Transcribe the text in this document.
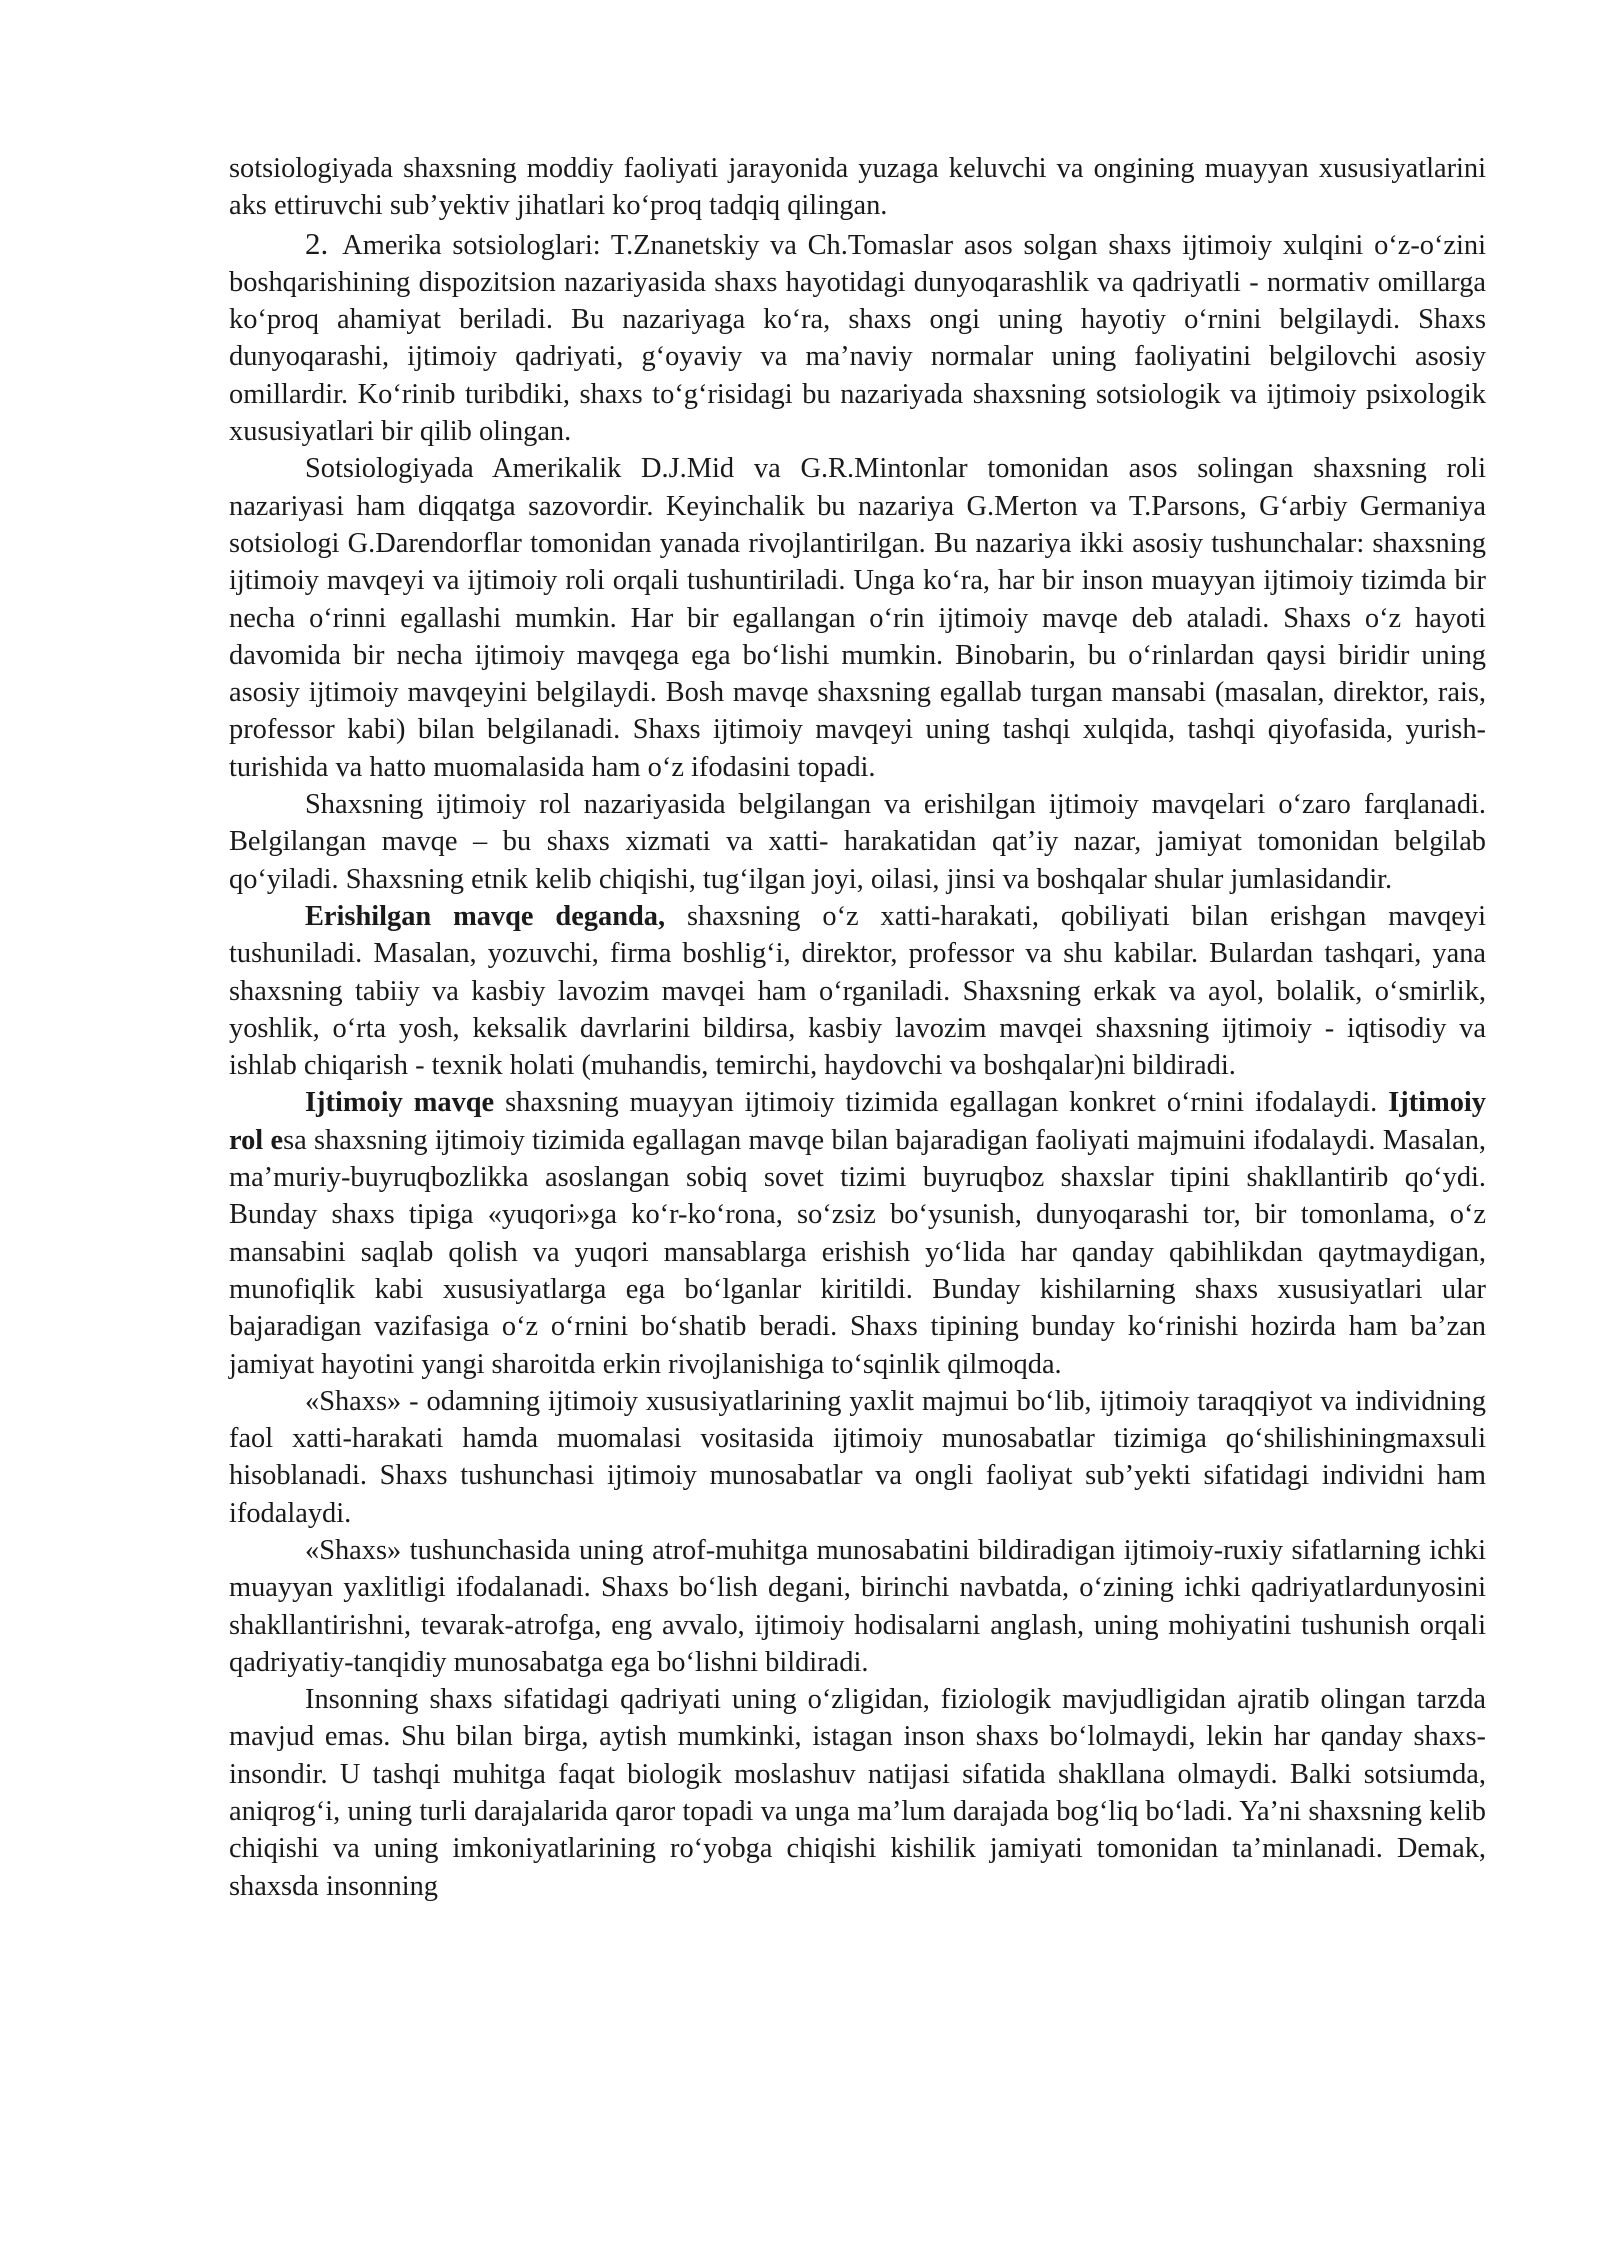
sotsiologiyada shaxsning moddiy faoliyati jarayonida yuzaga keluvchi va ongining muayyan xususiyatlarini aks ettiruvchi sub’yektiv jihatlari ko‘proq tadqiq qilingan.

2. Amerika sotsiologlari: T.Znanetskiy va Ch.Tomaslar asos solgan shaxs ijtimoiy xulqini o‘z-o‘zini boshqarishining dispozitsion nazariyasida shaxs hayotidagi dunyoqarashlik va qadriyatli - normativ omillarga ko‘proq ahamiyat beriladi. Bu nazariyaga ko‘ra, shaxs ongi uning hayotiy o‘rnini belgilaydi. Shaxs dunyoqarashi, ijtimoiy qadriyati, g‘oyaviy va ma’naviy normalar uning faoliyatini belgilovchi asosiy omillardir. Ko‘rinib turibdiki, shaxs to‘g‘risidagi bu nazariyada shaxsning sotsiologik va ijtimoiy psixologik xususiyatlari bir qilib olingan.

Sotsiologiyada Amerikalik D.J.Mid va G.R.Mintonlar tomonidan asos solingan shaxsning roli nazariyasi ham diqqatga sazovordir. Keyinchalik bu nazariya G.Merton va T.Parsons, G‘arbiy Germaniya sotsiologi G.Darendorflar tomonidan yanada rivojlantirilgan. Bu nazariya ikki asosiy tushunchalar: shaxsning ijtimoiy mavqeyi va ijtimoiy roli orqali tushuntiriladi. Unga ko‘ra, har bir inson muayyan ijtimoiy tizimda bir necha o‘rinni egallashi mumkin. Har bir egallangan o‘rin ijtimoiy mavqe deb ataladi. Shaxs o‘z hayoti davomida bir necha ijtimoiy mavqega ega bo‘lishi mumkin. Binobarin, bu o‘rinlardan qaysi biridir uning asosiy ijtimoiy mavqeyini belgilaydi. Bosh mavqe shaxsning egallab turgan mansabi (masalan, direktor, rais, professor kabi) bilan belgilanadi. Shaxs ijtimoiy mavqeyi uning tashqi xulqida, tashqi qiyofasida, yurish-turishida va hatto muomalasida ham o‘z ifodasini topadi.

Shaxsning ijtimoiy rol nazariyasida belgilangan va erishilgan ijtimoiy mavqelari o‘zaro farqlanadi. Belgilangan mavqe – bu shaxs xizmati va xatti- harakatidan qat’iy nazar, jamiyat tomonidan belgilab qo‘yiladi. Shaxsning etnik kelib chiqishi, tug‘ilgan joyi, oilasi, jinsi va boshqalar shular jumlasidandir.

Erishilgan mavqe deganda, shaxsning o‘z xatti-harakati, qobiliyati bilan erishgan mavqeyi tushuniladi. Masalan, yozuvchi, firma boshlig‘i, direktor, professor va shu kabilar. Bulardan tashqari, yana shaxsning tabiiy va kasbiy lavozim mavqei ham o‘rganiladi. Shaxsning erkak va ayol, bolalik, o‘smirlik, yoshlik, o‘rta yosh, keksalik davrlarini bildirsa, kasbiy lavozim mavqei shaxsning ijtimoiy - iqtisodiy va ishlab chiqarish - texnik holati (muhandis, temirchi, haydovchi va boshqalar)ni bildiradi.

Ijtimoiy mavqe shaxsning muayyan ijtimoiy tizimida egallagan konkret o‘rnini ifodalaydi. Ijtimoiy rol esa shaxsning ijtimoiy tizimida egallagan mavqe bilan bajaradigan faoliyati majmuini ifodalaydi. Masalan, ma’muriy-buyruqbozlikka asoslangan sobiq sovet tizimi buyruqboz shaxslar tipini shakllantirib qo‘ydi. Bunday shaxs tipiga «yuqori»ga ko‘r-ko‘rona, so‘zsiz bo‘ysunish, dunyoqarashi tor, bir tomonlama, o‘z mansabini saqlab qolish va yuqori mansablarga erishish yo‘lida har qanday qabihlikdan qaytmaydigan, munofiqlik kabi xususiyatlarga ega bo‘lganlar kiritildi. Bunday kishilarning shaxs xususiyatlari ular bajaradigan vazifasiga o‘z o‘rnini bo‘shatib beradi. Shaxs tipining bunday ko‘rinishi hozirda ham ba’zan jamiyat hayotini yangi sharoitda erkin rivojlanishiga to‘sqinlik qilmoqda.

«Shaxs» - odamning ijtimoiy xususiyatlarining yaxlit majmui bo‘lib, ijtimoiy taraqqiyot va individning faol xatti-harakati hamda muomalasi vositasida ijtimoiy munosabatlar tizimiga qo‘shilishiningmaxsuli hisoblanadi. Shaxs tushunchasi ijtimoiy munosabatlar va ongli faoliyat sub’yekti sifatidagi individni ham ifodalaydi.

«Shaxs» tushunchasida uning atrof-muhitga munosabatini bildiradigan ijtimoiy-ruxiy sifatlarning ichki muayyan yaxlitligi ifodalanadi. Shaxs bo‘lish degani, birinchi navbatda, o‘zining ichki qadriyatlardunyosini shakllantirishni, tevarak-atrofga, eng avvalo, ijtimoiy hodisalarni anglash, uning mohiyatini tushunish orqali qadriyatiy-tanqidiy munosabatga ega bo‘lishni bildiradi.

Insonning shaxs sifatidagi qadriyati uning o‘zligidan, fiziologik mavjudligidan ajratib olingan tarzda mavjud emas. Shu bilan birga, aytish mumkinki, istagan inson shaxs bo‘lolmaydi, lekin har qanday shaxs- insondir. U tashqi muhitga faqat biologik moslashuv natijasi sifatida shakllana olmaydi. Balki sotsiumda, aniqrog‘i, uning turli darajalarida qaror topadi va unga ma’lum darajada bog‘liq bo‘ladi. Ya’ni shaxsning kelib chiqishi va uning imkoniyatlarining ro‘yobga chiqishi kishilik jamiyati tomonidan ta’minlanadi. Demak, shaxsda insonning
